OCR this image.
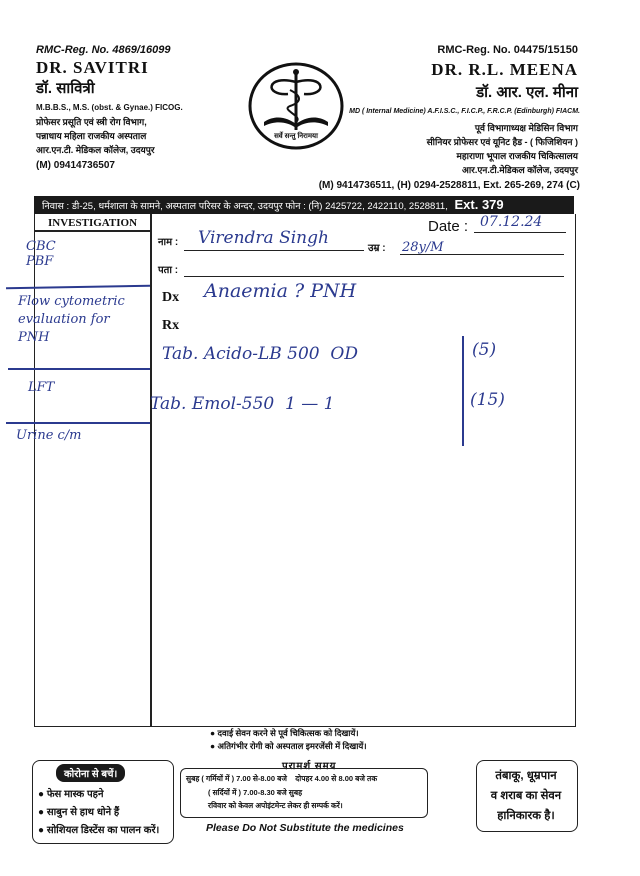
RMC-Reg. No. 4869/16099
DR. SAVITRI
डॉ. सावित्री
M.B.B.S., M.S. (obst. & Gynae.) FICOG.
प्रोफेसर प्रसूति एवं स्त्री रोग विभाग,
पन्नाधाय महिला राजकीय अस्पताल
आर.एन.टी. मेडिकल कॉलेज, उदयपुर
(M) 09414736507
सर्वे सन्तु निरामया
RMC-Reg. No. 04475/15150
DR. R.L. MEENA
डॉ. आर. एल. मीना
MD ( Internal Medicine) A.F.I.S.C., F.I.C.P., F.R.C.P. (Edinburgh) FIACM.
पूर्व विभागाध्यक्ष मेडिसिन विभाग
सीनियर प्रोफेसर एवं यूनिट हैड - ( फिजिशियन )
महाराणा भूपाल राजकीय चिकित्सालय
आर.एन.टी.मेडिकल कॉलेज, उदयपुर
(M) 9414736511, (H) 0294-2528811, Ext. 265-269, 274 (C)
निवास : डी-25, धर्मशाला के सामने, अस्पताल परिसर के अन्दर, उदयपुर फोन : (नि) 2425722, 2422110, 2528811, Ext. 379
INVESTIGATION
नाम :
पता :
उम्र :
Date :
Dx
Rx
07.12.24
Virendra Singh	28y/M
CBC
PBF
Flow cytometric
evaluation for
PNH
LFT
Urine c/m
Anaemia ? PNH
Tab. Acido-LB 500  OD	(5)
Tab. Emol-550  1 — 1	(15)
● दवाई सेवन करने से पूर्व चिकित्सक को दिखायें।
● अतिगंभीर रोगी को अस्पताल इमरजेंसी में दिखायें।
कोरोना से बचें।
● फेस मास्क पहने
● साबुन से हाथ धोने हैं
● सोशियल डिस्टेंस का पालन करें।
परामर्श समय
सुबह ( गर्मियों में ) 7.00 से-8.00 बजे    दोपहर 4.00 से 8.00 बजे तक
( सर्दियों में ) 7.00-8.30 बजे सुबह
रविवार को केवल अपोइंटमेन्ट लेकर ही सम्पर्क करें।
Please Do Not Substitute the medicines
तंबाकू, धूम्रपान
व शराब का सेवन
हानिकारक है।
